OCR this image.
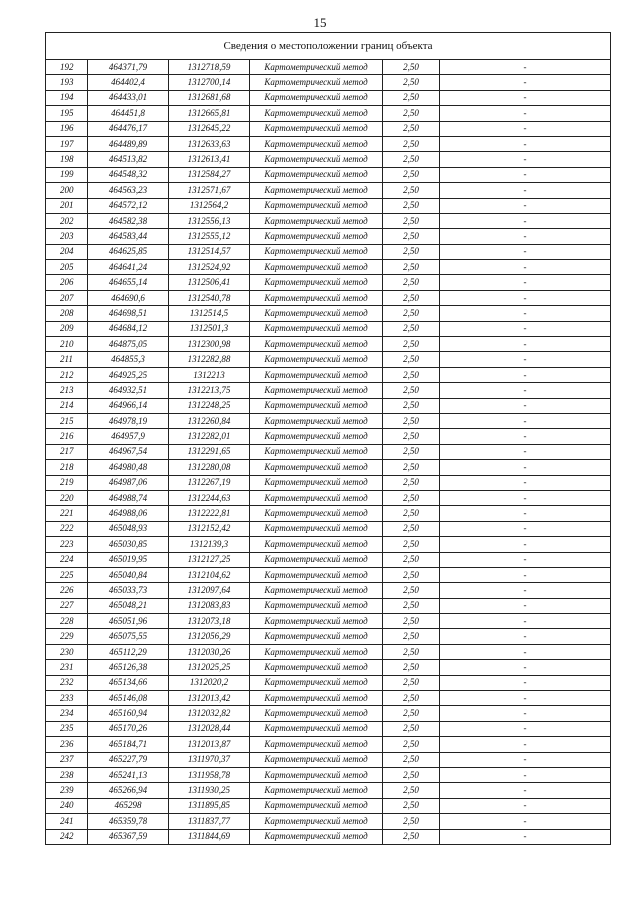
15
Сведения о местоположении границ объекта					
192	464371,79	1312718,59	Картометрический метод	2,50	-
193	464402,4	1312700,14	Картометрический метод	2,50	-
194	464433,01	1312681,68	Картометрический метод	2,50	-
195	464451,8	1312665,81	Картометрический метод	2,50	-
196	464476,17	1312645,22	Картометрический метод	2,50	-
197	464489,89	1312633,63	Картометрический метод	2,50	-
198	464513,82	1312613,41	Картометрический метод	2,50	-
199	464548,32	1312584,27	Картометрический метод	2,50	-
200	464563,23	1312571,67	Картометрический метод	2,50	-
201	464572,12	1312564,2	Картометрический метод	2,50	-
202	464582,38	1312556,13	Картометрический метод	2,50	-
203	464583,44	1312555,12	Картометрический метод	2,50	-
204	464625,85	1312514,57	Картометрический метод	2,50	-
205	464641,24	1312524,92	Картометрический метод	2,50	-
206	464655,14	1312506,41	Картометрический метод	2,50	-
207	464690,6	1312540,78	Картометрический метод	2,50	-
208	464698,51	1312514,5	Картометрический метод	2,50	-
209	464684,12	1312501,3	Картометрический метод	2,50	-
210	464875,05	1312300,98	Картометрический метод	2,50	-
211	464855,3	1312282,88	Картометрический метод	2,50	-
212	464925,25	1312213	Картометрический метод	2,50	-
213	464932,51	1312213,75	Картометрический метод	2,50	-
214	464966,14	1312248,25	Картометрический метод	2,50	-
215	464978,19	1312260,84	Картометрический метод	2,50	-
216	464957,9	1312282,01	Картометрический метод	2,50	-
217	464967,54	1312291,65	Картометрический метод	2,50	-
218	464980,48	1312280,08	Картометрический метод	2,50	-
219	464987,06	1312267,19	Картометрический метод	2,50	-
220	464988,74	1312244,63	Картометрический метод	2,50	-
221	464988,06	1312222,81	Картометрический метод	2,50	-
222	465048,93	1312152,42	Картометрический метод	2,50	-
223	465030,85	1312139,3	Картометрический метод	2,50	-
224	465019,95	1312127,25	Картометрический метод	2,50	-
225	465040,84	1312104,62	Картометрический метод	2,50	-
226	465033,73	1312097,64	Картометрический метод	2,50	-
227	465048,21	1312083,83	Картометрический метод	2,50	-
228	465051,96	1312073,18	Картометрический метод	2,50	-
229	465075,55	1312056,29	Картометрический метод	2,50	-
230	465112,29	1312030,26	Картометрический метод	2,50	-
231	465126,38	1312025,25	Картометрический метод	2,50	-
232	465134,66	1312020,2	Картометрический метод	2,50	-
233	465146,08	1312013,42	Картометрический метод	2,50	-
234	465160,94	1312032,82	Картометрический метод	2,50	-
235	465170,26	1312028,44	Картометрический метод	2,50	-
236	465184,71	1312013,87	Картометрический метод	2,50	-
237	465227,79	1311970,37	Картометрический метод	2,50	-
238	465241,13	1311958,78	Картометрический метод	2,50	-
239	465266,94	1311930,25	Картометрический метод	2,50	-
240	465298	1311895,85	Картометрический метод	2,50	-
241	465359,78	1311837,77	Картометрический метод	2,50	-
242	465367,59	1311844,69	Картометрический метод	2,50	-
